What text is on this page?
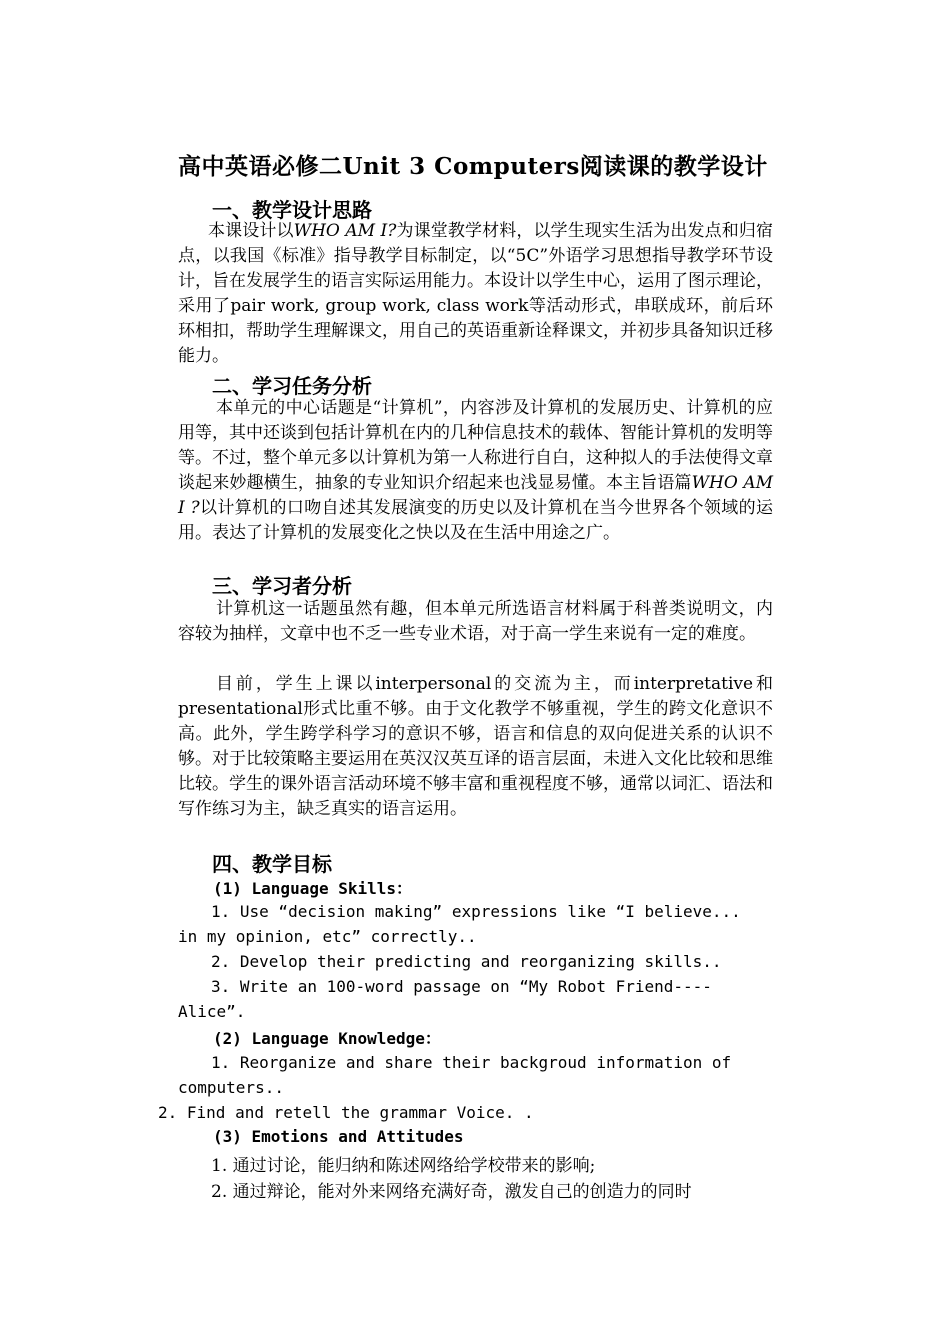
高中英语必修二Unit 3 Computers阅读课的教学设计
一、教学设计思路
本课设计以WHO AM I?为课堂教学材料，以学生现实生活为出发点和归宿点，以我国《标准》指导教学目标制定，以“5C”外语学习思想指导教学环节设计，旨在发展学生的语言实际运用能力。本设计以学生中心，运用了图示理论，采用了pair work, group work, class work等活动形式，串联成环，前后环环相扣，帮助学生理解课文，用自己的英语重新诠释课文，并初步具备知识迁移能力。
二、学习任务分析
本单元的中心话题是“计算机”，内容涉及计算机的发展历史、计算机的应用等，其中还谈到包括计算机在内的几种信息技术的载体、智能计算机的发明等等。不过，整个单元多以计算机为第一人称进行自白，这种拟人的手法使得文章谈起来妙趣横生，抽象的专业知识介绍起来也浅显易懂。本主旨语篇WHO AM I ?以计算机的口吻自述其发展演变的历史以及计算机在当今世界各个领域的运用。表达了计算机的发展变化之快以及在生活中用途之广。
三、学习者分析
计算机这一话题虽然有趣，但本单元所选语言材料属于科普类说明文，内容较为抽样，文章中也不乏一些专业术语，对于高一学生来说有一定的难度。
目前，学生上课以interpersonal的交流为主，而interpretative和presentational形式比重不够。由于文化教学不够重视，学生的跨文化意识不高。此外，学生跨学科学习的意识不够，语言和信息的双向促进关系的认识不够。对于比较策略主要运用在英汉汉英互译的语言层面，未进入文化比较和思维比较。学生的课外语言活动环境不够丰富和重视程度不够，通常以词汇、语法和写作练习为主，缺乏真实的语言运用。
四、教学目标
(1) Language Skills：
1. Use “decision making” expressions like “I believe...
in my opinion, etc” correctly..
2. Develop their predicting and reorganizing skills..
3. Write an 100-word passage on “My Robot Friend----
Alice”.
(2) Language Knowledge：
1. Reorganize and share their backgroud information of
computers..
2. Find and retell the grammar Voice. .
(3) Emotions and Attitudes
1. 通过讨论，能归纳和陈述网络给学校带来的影响;
2. 通过辩论，能对外来网络充满好奇，激发自己的创造力的同时
